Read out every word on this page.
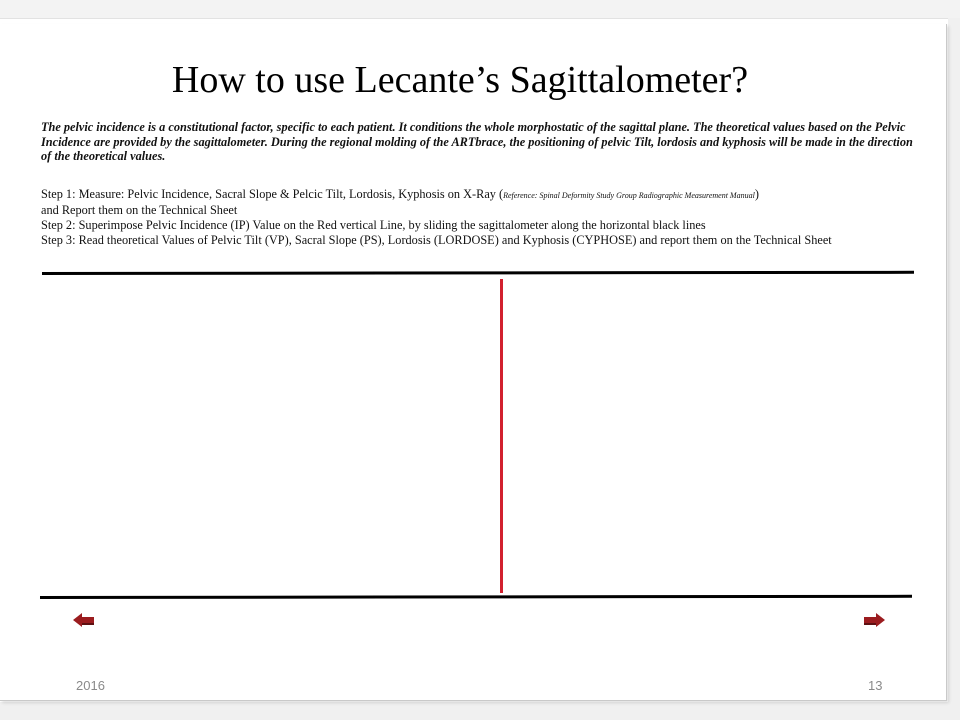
How to use Lecante’s Sagittalometer?

The pelvic incidence is a constitutional factor, specific to each patient. It conditions the whole morphostatic of the sagittal plane. The theoretical values based on the Pelvic Incidence are provided by the sagittalometer. During the regional molding of the ARTbrace, the positioning of pelvic Tilt, lordosis and kyphosis will be made in the direction of the theoretical values.

Step 1: Measure: Pelvic Incidence, Sacral Slope & Pelcic Tilt, Lordosis, Kyphosis on X-Ray (Reference: Spinal Deformity Study Group Radiographic Measurement Manual)
and Report them on the Technical Sheet
Step 2: Superimpose Pelvic Incidence (IP) Value on the Red vertical Line, by sliding the sagittalometer along the horizontal black lines
Step 3: Read theoretical Values of Pelvic Tilt (VP), Sacral Slope (PS), Lordosis (LORDOSE) and Kyphosis (CYPHOSE) and report them on the Technical Sheet
2016	13
